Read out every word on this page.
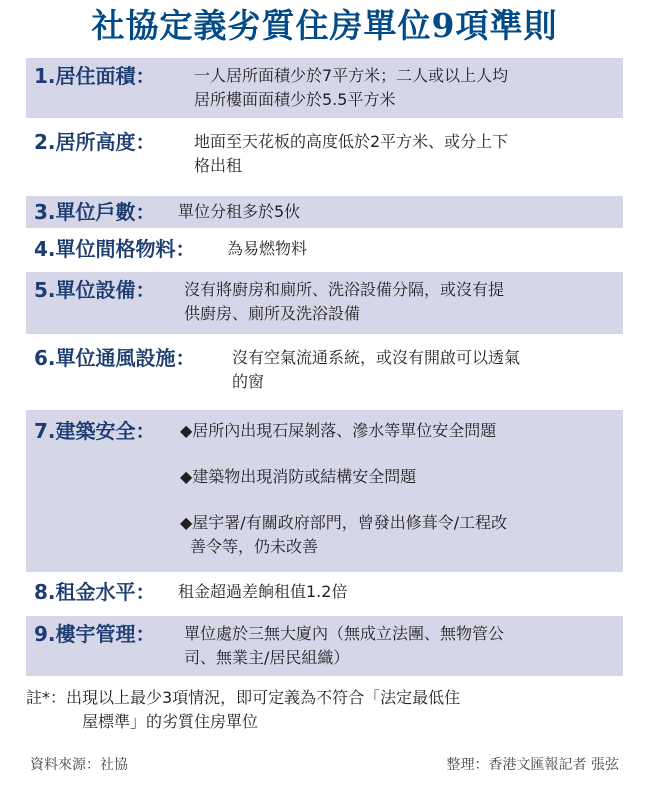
社協定義劣質住房單位9項準則
1.居住面積： 一人居所面積少於7平方米；二人或以上人均
居所樓面面積少於5.5平方米
2.居所高度： 地面至天花板的高度低於2平方米、或分上下
格出租
3.單位戶數： 單位分租多於5伙
4.單位間格物料： 為易燃物料
5.單位設備： 沒有將廚房和廁所、洗浴設備分隔，或沒有提
供廚房、廁所及洗浴設備
6.單位通風設施： 沒有空氣流通系統，或沒有開啟可以透氣
的窗
7.建築安全： ◆居所內出現石屎剝落、滲水等單位安全問題
◆建築物出現消防或結構安全問題
◆屋宇署/有關政府部門，曾發出修葺令/工程改
善令等，仍未改善
8.租金水平： 租金超過差餉租值1.2倍
9.樓宇管理： 單位處於三無大廈內（無成立法團、無物管公
司、無業主/居民組織）
註*：出現以上最少3項情況，即可定義為不符合「法定最低住
屋標準」的劣質住房單位
資料來源：社協	整理：香港文匯報記者 張弦
